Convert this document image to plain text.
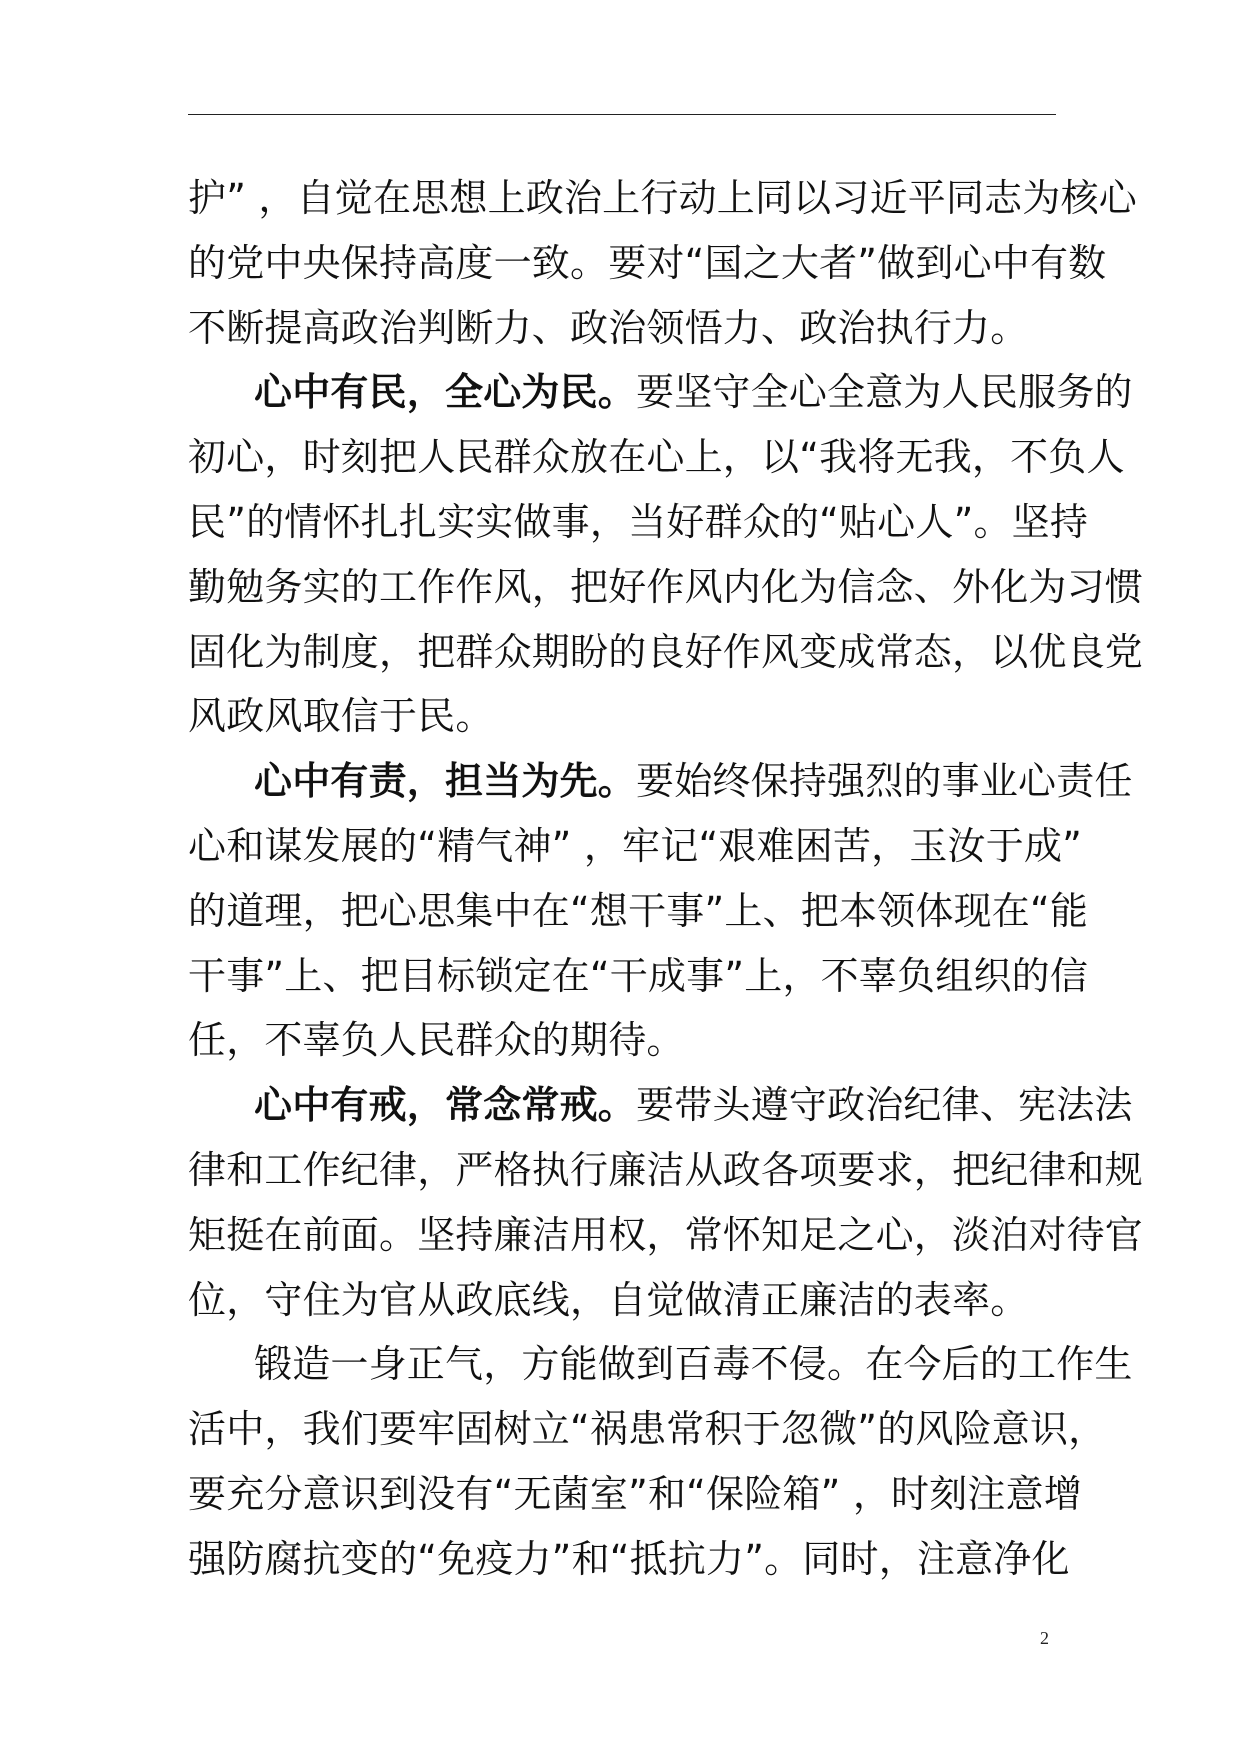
护” ，自觉在思想上政治上行动上同以习近平同志为核心
的党中央保持高度一致。要对“国之大者”做到心中有数
不断提高政治判断力、政治领悟力、政治执行力。
心中有民，全心为民。要坚守全心全意为人民服务的
初心，时刻把人民群众放在心上，以“我将无我，不负人
民”的情怀扎扎实实做事，当好群众的“贴心人”。坚持
勤勉务实的工作作风，把好作风内化为信念、外化为习惯
固化为制度，把群众期盼的良好作风变成常态，以优良党
风政风取信于民。
心中有责，担当为先。要始终保持强烈的事业心责任
心和谋发展的“精气神” ，牢记“艰难困苦，玉汝于成”
的道理，把心思集中在“想干事”上、把本领体现在“能
干事”上、把目标锁定在“干成事”上，不辜负组织的信
任，不辜负人民群众的期待。
心中有戒，常念常戒。要带头遵守政治纪律、宪法法
律和工作纪律，严格执行廉洁从政各项要求，把纪律和规
矩挺在前面。坚持廉洁用权，常怀知足之心，淡泊对待官
位，守住为官从政底线，自觉做清正廉洁的表率。
锻造一身正气，方能做到百毒不侵。在今后的工作生
活中，我们要牢固树立“祸患常积于忽微”的风险意识，
要充分意识到没有“无菌室”和“保险箱” ，时刻注意增
强防腐抗变的“免疫力”和“抵抗力”。同时，注意净化
2
